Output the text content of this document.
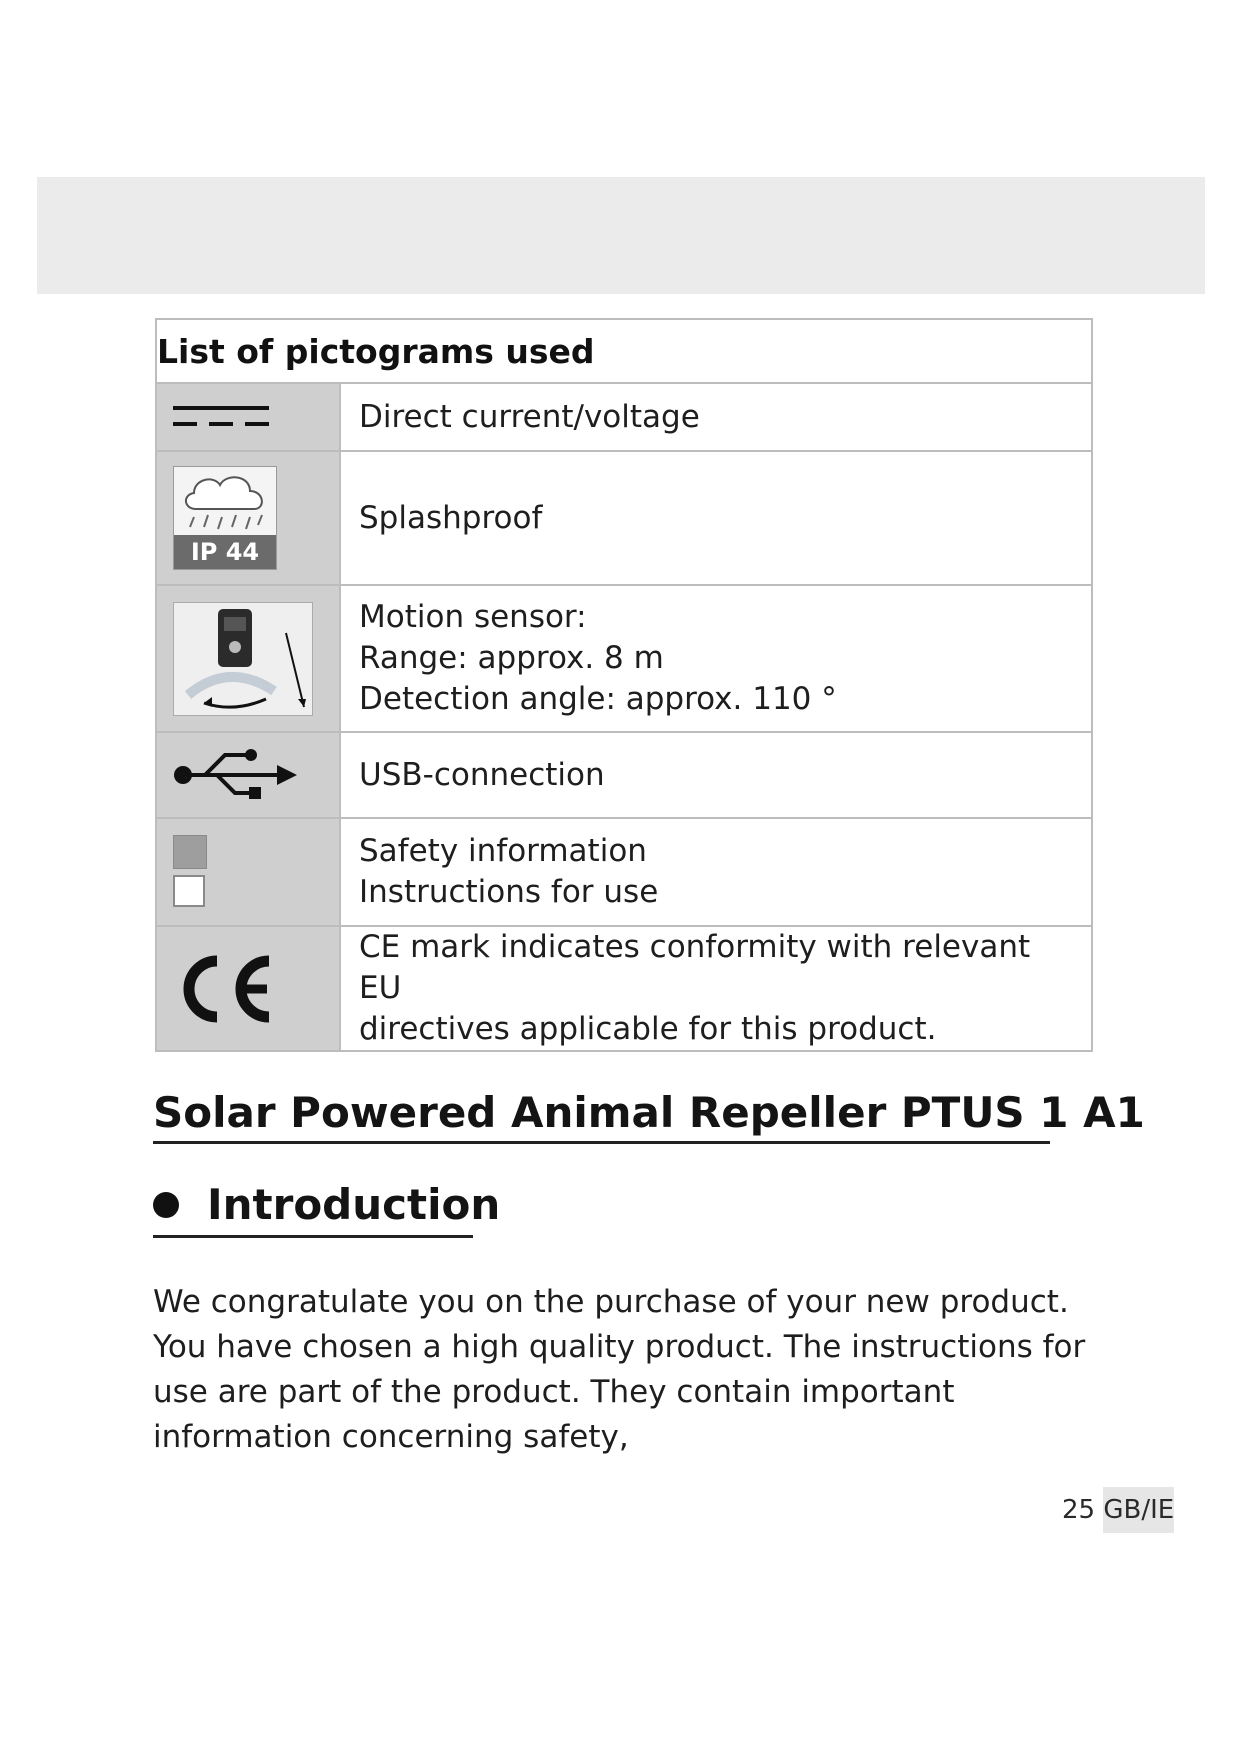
List of pictograms used	

Direct current/voltage

IP 44	Splashproof

Motion sensor:
Range: approx. 8 m
Detection angle: approx. 110 °

USB-connection

	Safety information
Instructions for use

CE mark indicates conformity with relevant EU
directives applicable for this product.
Solar Powered Animal Repeller PTUS 1 A1
Introduction

We congratulate you on the purchase of your new product. You have chosen a high quality product. The instructions for use are part of the product. They contain important information concerning safety,

25 GB/IE
